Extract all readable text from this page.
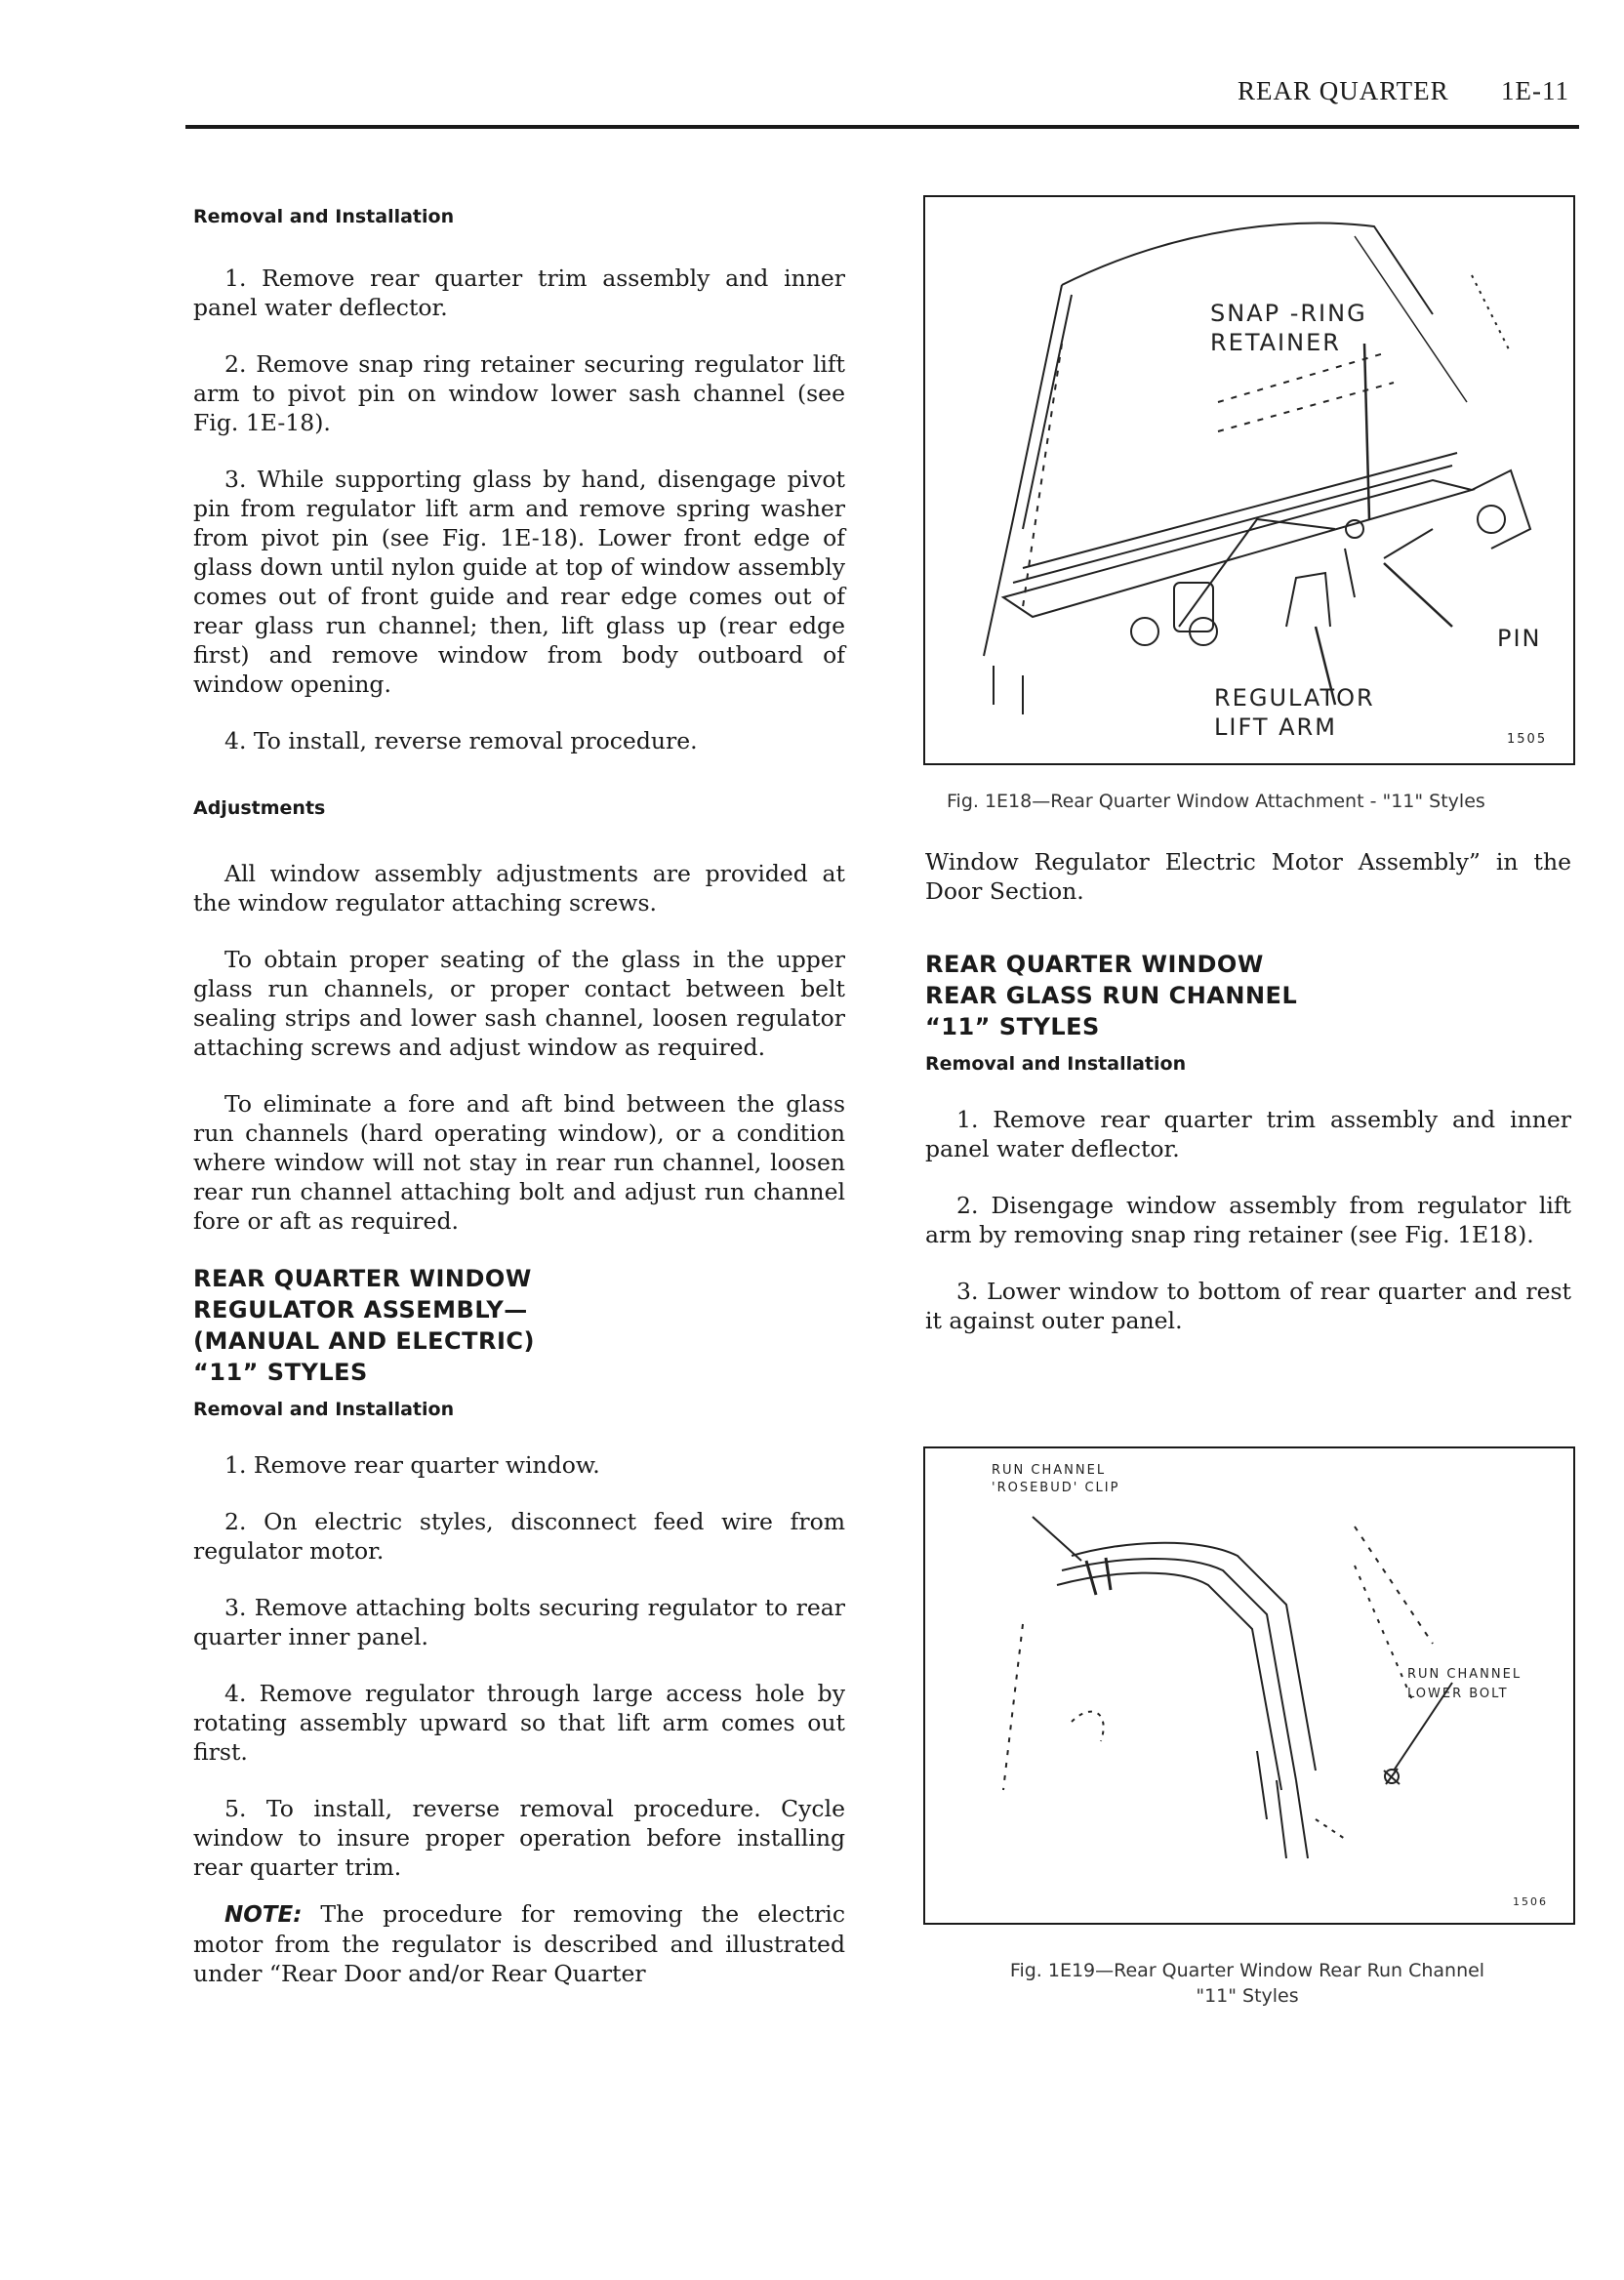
REAR QUARTER 1E-11
Removal and Installation

1. Remove rear quarter trim assembly and inner panel water deflector.

2. Remove snap ring retainer securing regulator lift arm to pivot pin on window lower sash channel (see Fig. 1E-18).

3. While supporting glass by hand, disengage pivot pin from regulator lift arm and remove spring washer from pivot pin (see Fig. 1E-18). Lower front edge of glass down until nylon guide at top of window assembly comes out of front guide and rear edge comes out of rear glass run channel; then, lift glass up (rear edge first) and remove window from body outboard of window opening.

4. To install, reverse removal procedure.

Adjustments

All window assembly adjustments are provided at the window regulator attaching screws.

To obtain proper seating of the glass in the upper glass run channels, or proper contact between belt sealing strips and lower sash channel, loosen regulator attaching screws and adjust window as required.

To eliminate a fore and aft bind between the glass run channels (hard operating window), or a condition where window will not stay in rear run channel, loosen rear run channel attaching bolt and adjust run channel fore or aft as required.

REAR QUARTER WINDOW
REGULATOR ASSEMBLY—
(MANUAL AND ELECTRIC)
“11” STYLES
Removal and Installation

1. Remove rear quarter window.

2. On electric styles, disconnect feed wire from regulator motor.

3. Remove attaching bolts securing regulator to rear quarter inner panel.

4. Remove regulator through large access hole by rotating assembly upward so that lift arm comes out first.

5. To install, reverse removal procedure. Cycle window to insure proper operation before installing rear quarter trim.

NOTE: The procedure for removing the electric motor from the regulator is described and illustrated under “Rear Door and/or Rear Quarter

SNAP -RING
RETAINER
PIN
REGULATOR
LIFT ARM	1505
Fig. 1E18—Rear Quarter Window Attachment - "11" Styles

Window Regulator Electric Motor Assembly” in the Door Section.

REAR QUARTER WINDOW
REAR GLASS RUN CHANNEL
“11” STYLES
Removal and Installation

1. Remove rear quarter trim assembly and inner panel water deflector.

2. Disengage window assembly from regulator lift arm by removing snap ring retainer (see Fig. 1E18).

3. Lower window to bottom of rear quarter and rest it against outer panel.

RUN CHANNEL
'ROSEBUD' CLIP
RUN CHANNEL
LOWER BOLT
1506
Fig. 1E19—Rear Quarter Window Rear Run Channel
"11" Styles
